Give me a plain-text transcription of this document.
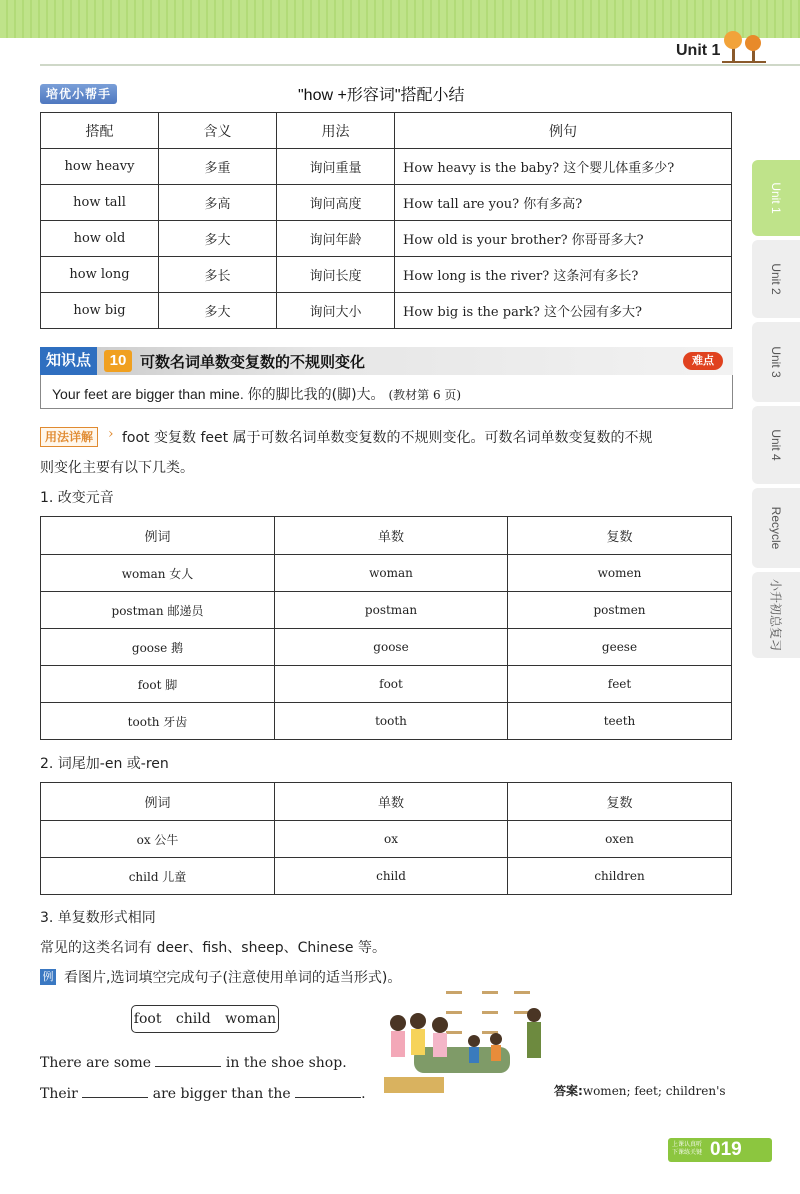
Unit 1
培优小帮手	"how +形容词"搭配小结
搭配	含义	用法	例句
how heavy	多重	询问重量	How heavy is the baby? 这个婴儿体重多少?
how tall	多高	询问高度	How tall are you? 你有多高?
how old	多大	询问年龄	How old is your brother? 你哥哥多大?
how long	多长	询问长度	How long is the river? 这条河有多长?
how big	多大	询问大小	How big is the park? 这个公园有多大?
知识点	10 可数名词单数变复数的不规则变化	难点
Your feet are bigger than mine. 你的脚比我的(脚)大。 (教材第 6 页)
用法详解	› foot 变复数 feet 属于可数名词单数变复数的不规则变化。可数名词单数变复数的不规
则变化主要有以下几类。
1. 改变元音
例词	单数	复数
woman 女人	woman	women
postman 邮递员	postman	postmen
goose 鹅	goose	geese
foot 脚	foot	feet
tooth 牙齿	tooth	teeth
2. 词尾加-en 或-ren
例词	单数	复数
ox 公牛	ox	oxen
child 儿童	child	children
3. 单复数形式相同
常见的这类名词有 deer、fish、sheep、Chinese 等。
例 看图片,选词填空完成句子(注意使用单词的适当形式)。
foot child woman
There are some	in the shoe shop.
Their	are bigger than the	.	答案:women; feet; children's
Unit 1
Unit 2
Unit 3
Unit 4
Recycle
小升初总复习
上课认真听
下课练关键 019
